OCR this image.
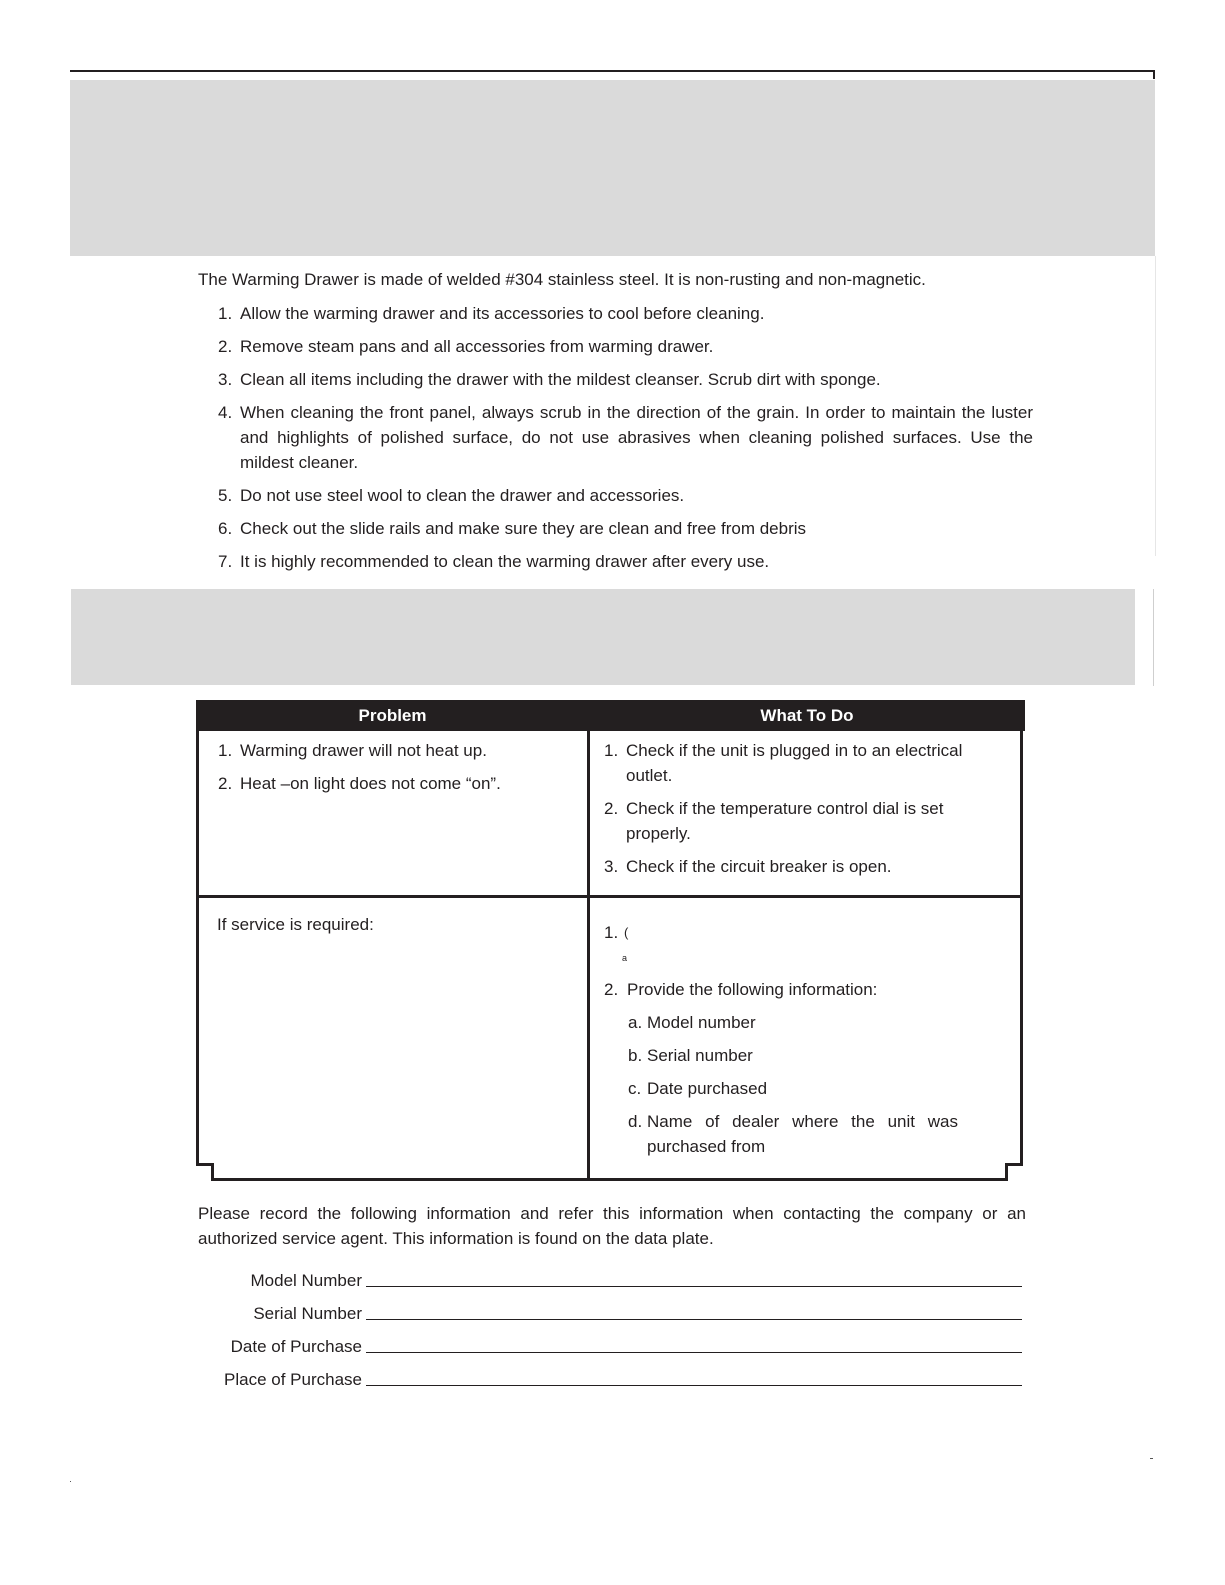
The Warming Drawer is made of welded #304 stainless steel. It is non-rusting and non-magnetic.
1. Allow the warming drawer and its accessories to cool before cleaning.
2. Remove steam pans and all accessories from warming drawer.
3. Clean all items including the drawer with the mildest cleanser. Scrub dirt with sponge.
4. When cleaning the front panel, always scrub in the direction of the grain. In order to maintain the luster and highlights of polished surface, do not use abrasives when cleaning polished surfaces. Use the mildest cleaner.
5. Do not use steel wool to clean the drawer and accessories.
6. Check out the slide rails and make sure they are clean and free from debris
7. It is highly recommended to clean the warming drawer after every use.
Problem	What To Do
1. Warming drawer will not heat up.
2. Heat –on light does not come “on”.
1. Check if the unit is plugged in to an electrical outlet.
2. Check if the temperature control dial is set properly.
3. Check if the circuit breaker is open.
If service is required:	1. (
a
2. Provide the following information:
a. Model number
b. Serial number
c. Date purchased
d. Name of dealer where the unit was purchased from
Please record the following information and refer this information when contacting the company or an authorized service agent. This information is found on the data plate.
Model Number
Serial Number
Date of Purchase
Place of Purchase
